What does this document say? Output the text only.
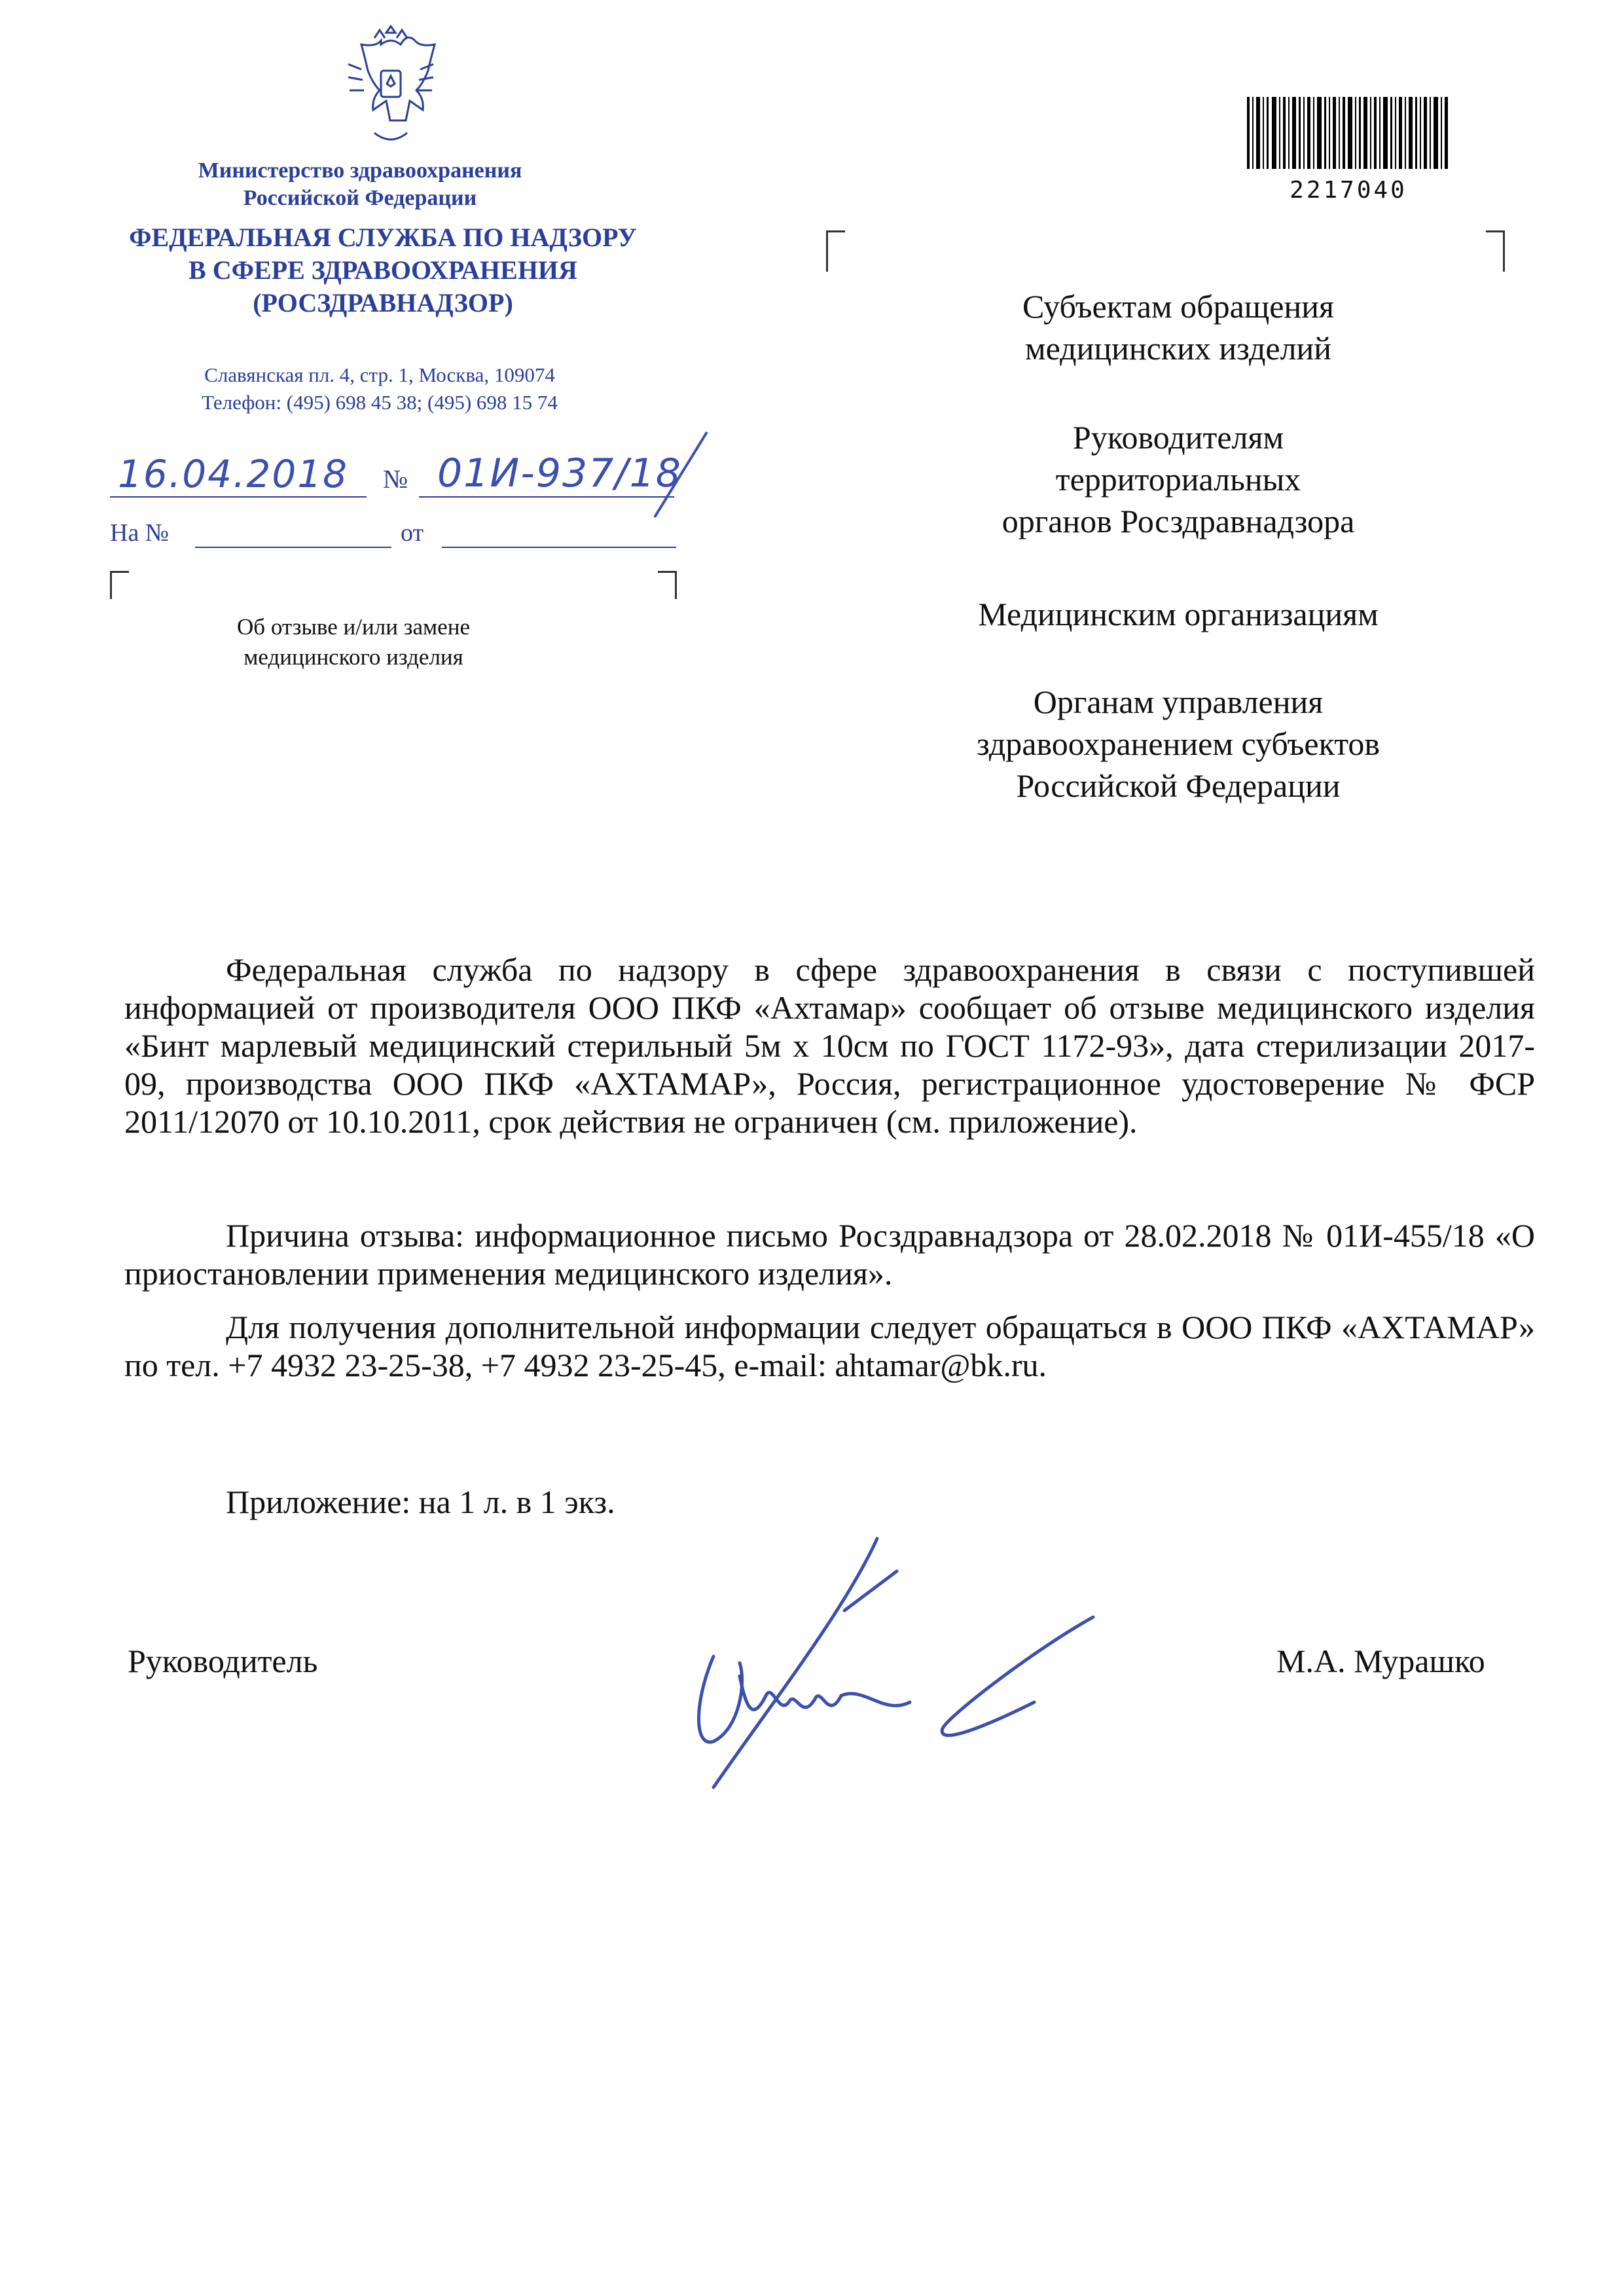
Министерство здравоохранения
Российской Федерации
ФЕДЕРАЛЬНАЯ СЛУЖБА ПО НАДЗОРУ
В СФЕРЕ ЗДРАВООХРАНЕНИЯ
(РОСЗДРАВНАДЗОР)
Славянская пл. 4, стр. 1, Москва, 109074
Телефон: (495) 698 45 38; (495) 698 15 74
16.04.2018 № 01И-937/18
На №	от
Об отзыве и/или замене
медицинского изделия
2217040
Субъектам обращения
медицинских изделий
Руководителям
территориальных
органов Росздравнадзора
Медицинским организациям
Органам управления
здравоохранением субъектов
Российской Федерации
Федеральная служба по надзору в сфере здравоохранения в связи с поступившей информацией от производителя ООО ПКФ «Ахтамар» сообщает об отзыве медицинского изделия «Бинт марлевый медицинский стерильный 5м х 10см по ГОСТ 1172-93», дата стерилизации 2017-09, производства ООО ПКФ «АХТАМАР», Россия, регистрационное удостоверение № ФСР 2011/12070 от 10.10.2011, срок действия не ограничен (см. приложение).
Причина отзыва: информационное письмо Росздравнадзора от 28.02.2018 № 01И-455/18 «О приостановлении применения медицинского изделия».
Для получения дополнительной информации следует обращаться в ООО ПКФ «АХТАМАР» по тел. +7 4932 23-25-38, +7 4932 23-25-45, e-mail: ahtamar@bk.ru.
Приложение: на 1 л. в 1 экз.
Руководитель	М.А. Мурашко
